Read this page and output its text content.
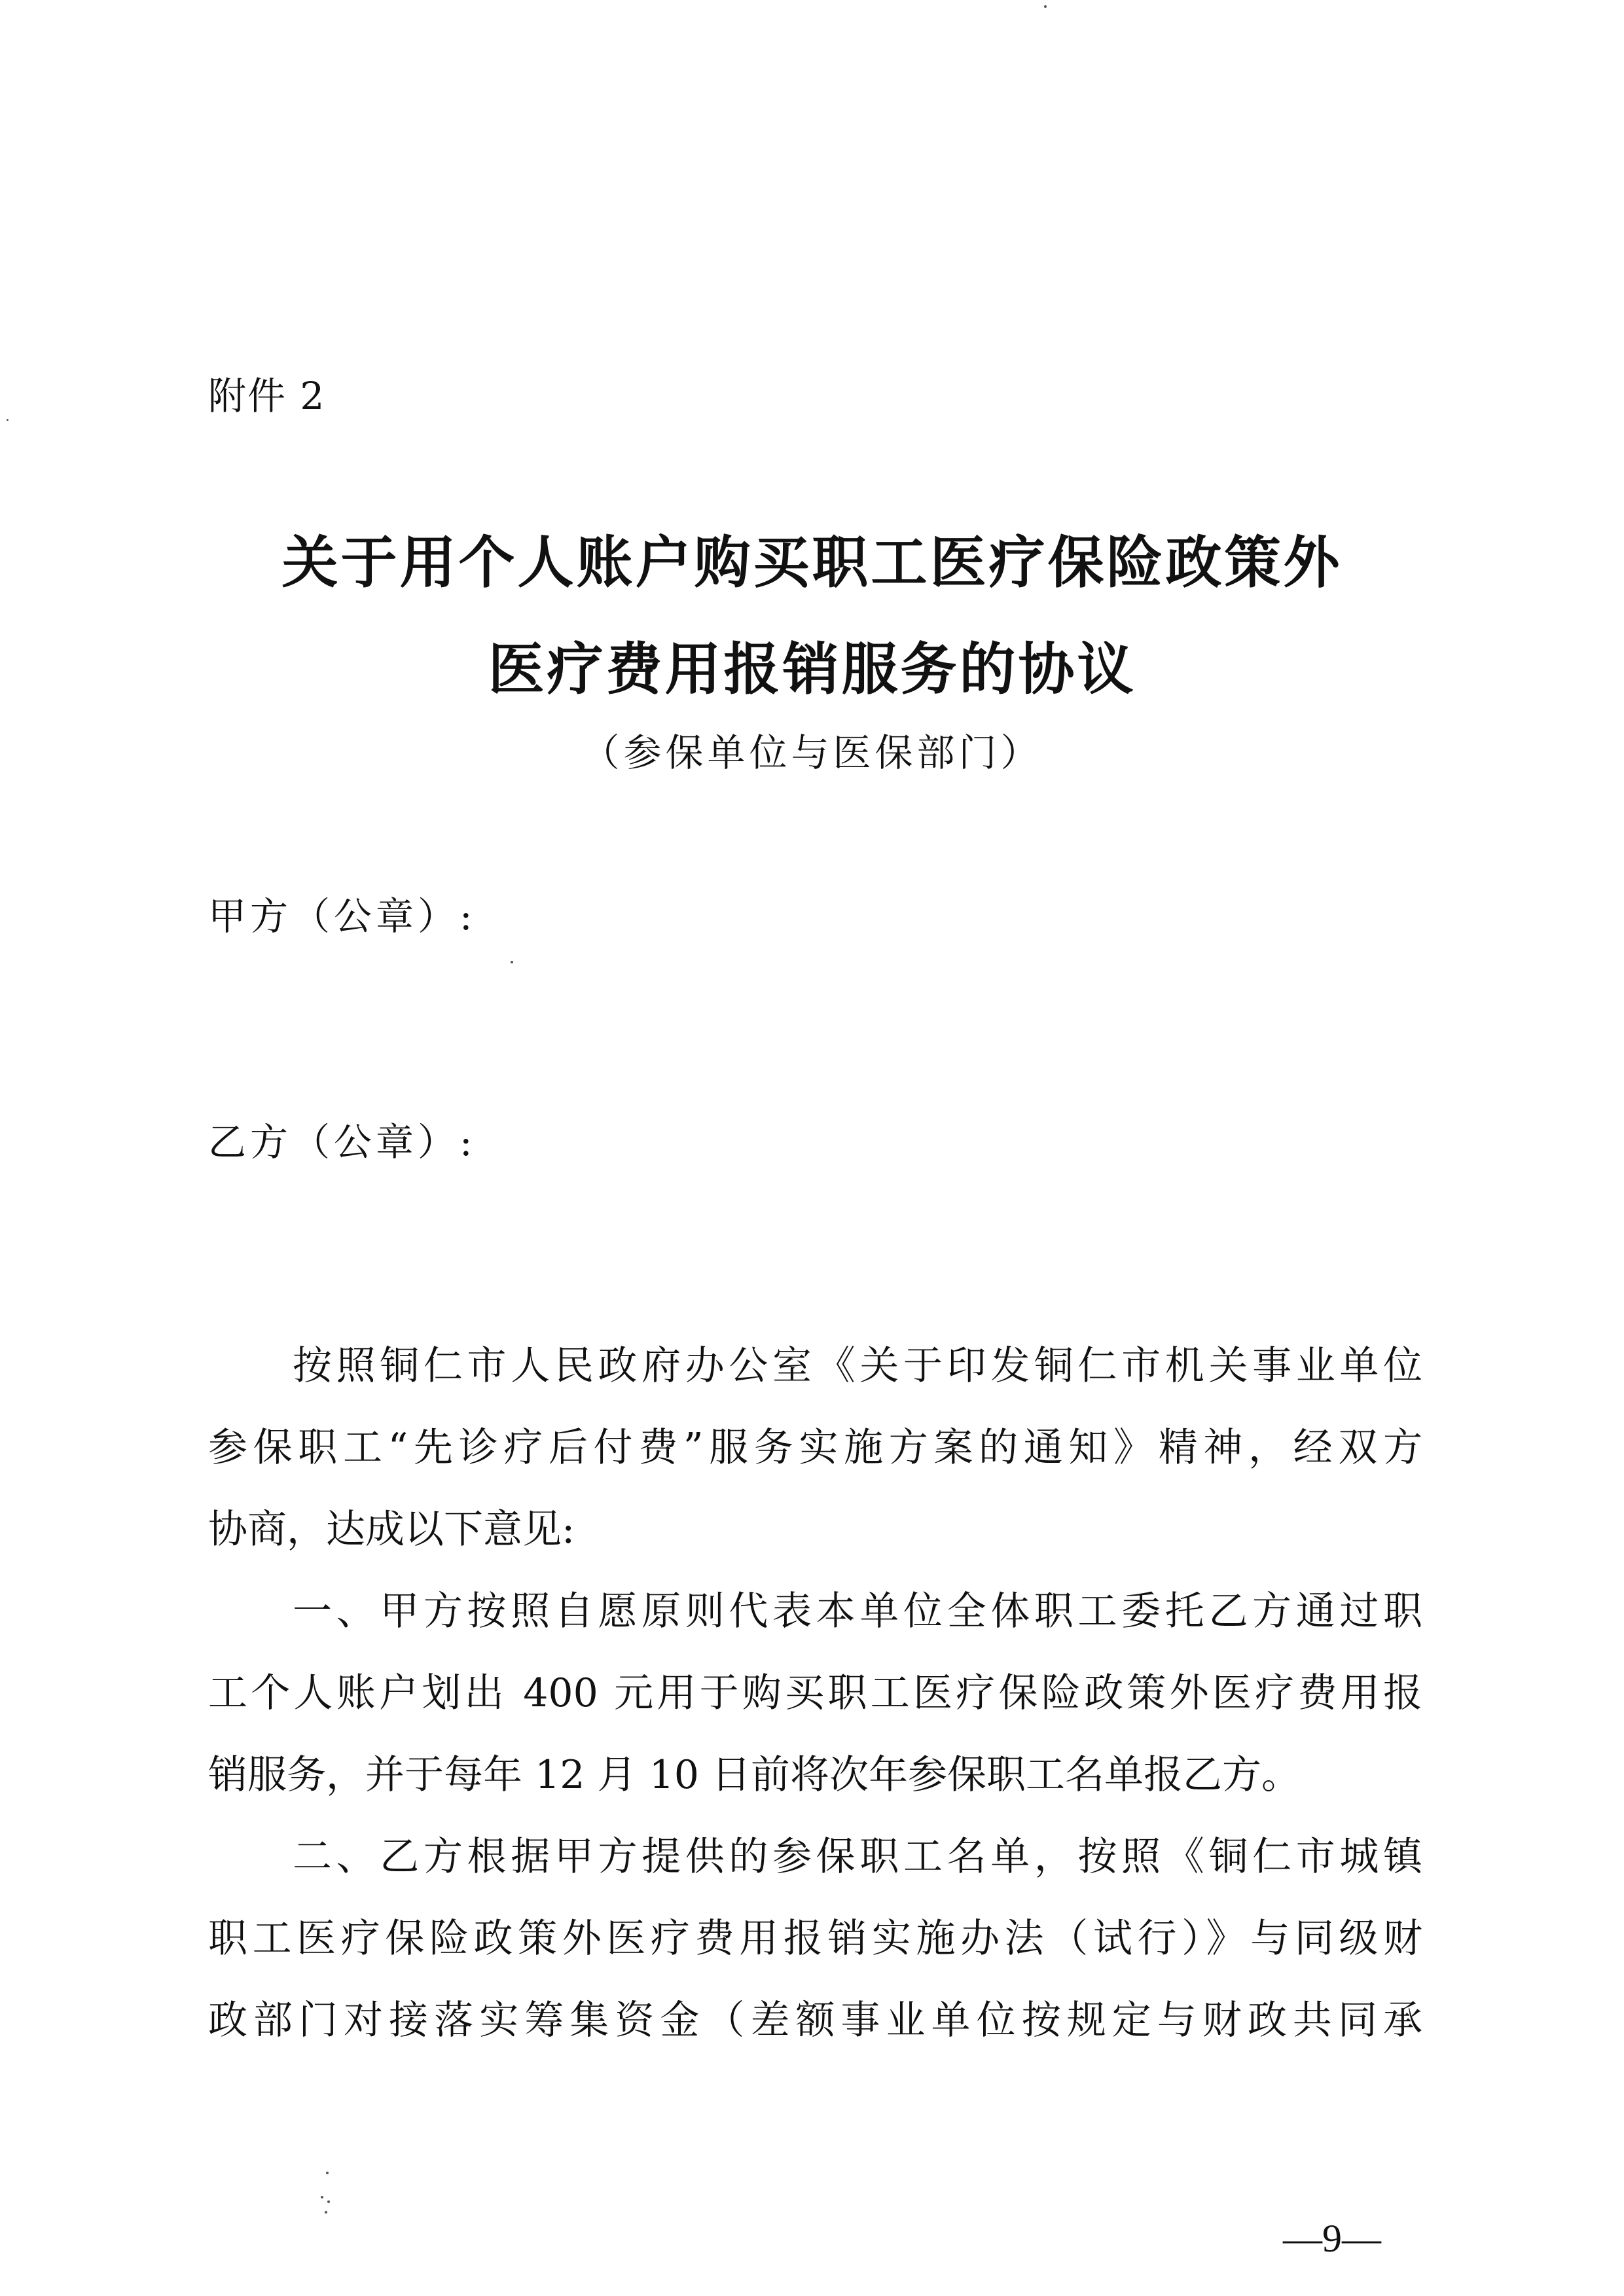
附件 2
关于用个人账户购买职工医疗保险政策外
医疗费用报销服务的协议
（参保单位与医保部门）
甲方（公章）:
乙方（公章）:
按照铜仁市人民政府办公室《关于印发铜仁市机关事业单位
参保职工“先诊疗后付费”服务实施方案的通知》精神，经双方
协商，达成以下意见:
一、甲方按照自愿原则代表本单位全体职工委托乙方通过职
工个人账户划出 400 元用于购买职工医疗保险政策外医疗费用报
销服务，并于每年 12 月 10 日前将次年参保职工名单报乙方。
二、乙方根据甲方提供的参保职工名单，按照《铜仁市城镇
职工医疗保险政策外医疗费用报销实施办法（试行）》与同级财
政部门对接落实筹集资金（差额事业单位按规定与财政共同承
—9—
